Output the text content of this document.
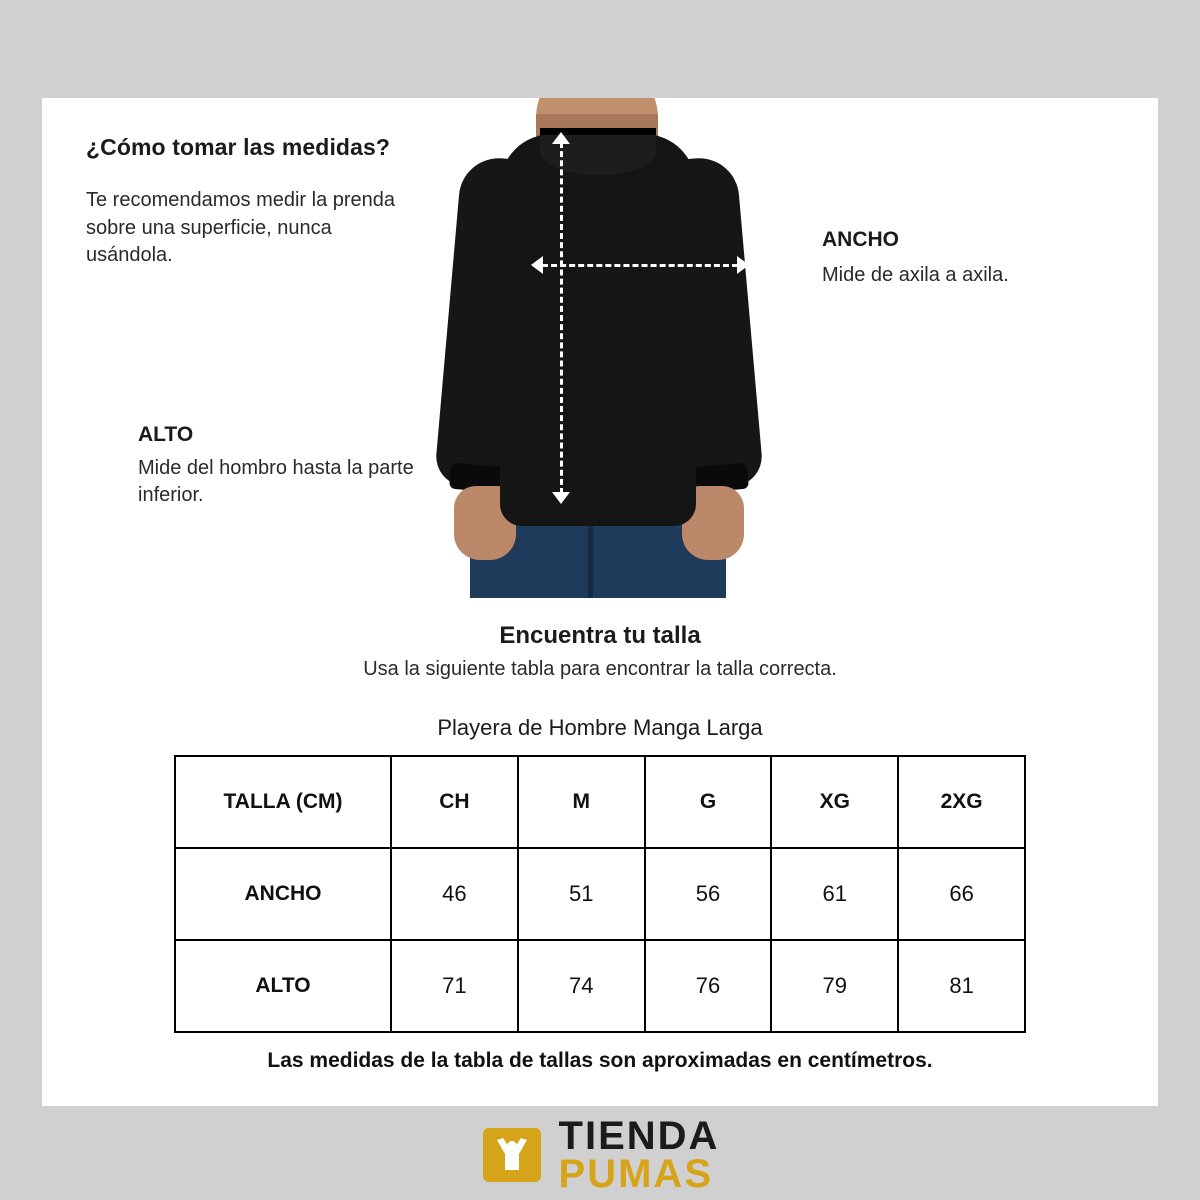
¿Cómo tomar las medidas?

Te recomendamos medir la prenda sobre una superficie, nunca usándola.

ALTO

Mide del hombro hasta la parte inferior.

ANCHO

Mide de axila a axila.

Encuentra tu talla

Usa la siguiente tabla para encontrar la talla correcta.

Playera de Hombre Manga Larga

TALLA (CM)	CH	M	G	XG	2XG
ANCHO	46	51	56	61	66
ALTO	71	74	76	79	81

Las medidas de la tabla de tallas son aproximadas en centímetros.

TIENDA
PUMAS
